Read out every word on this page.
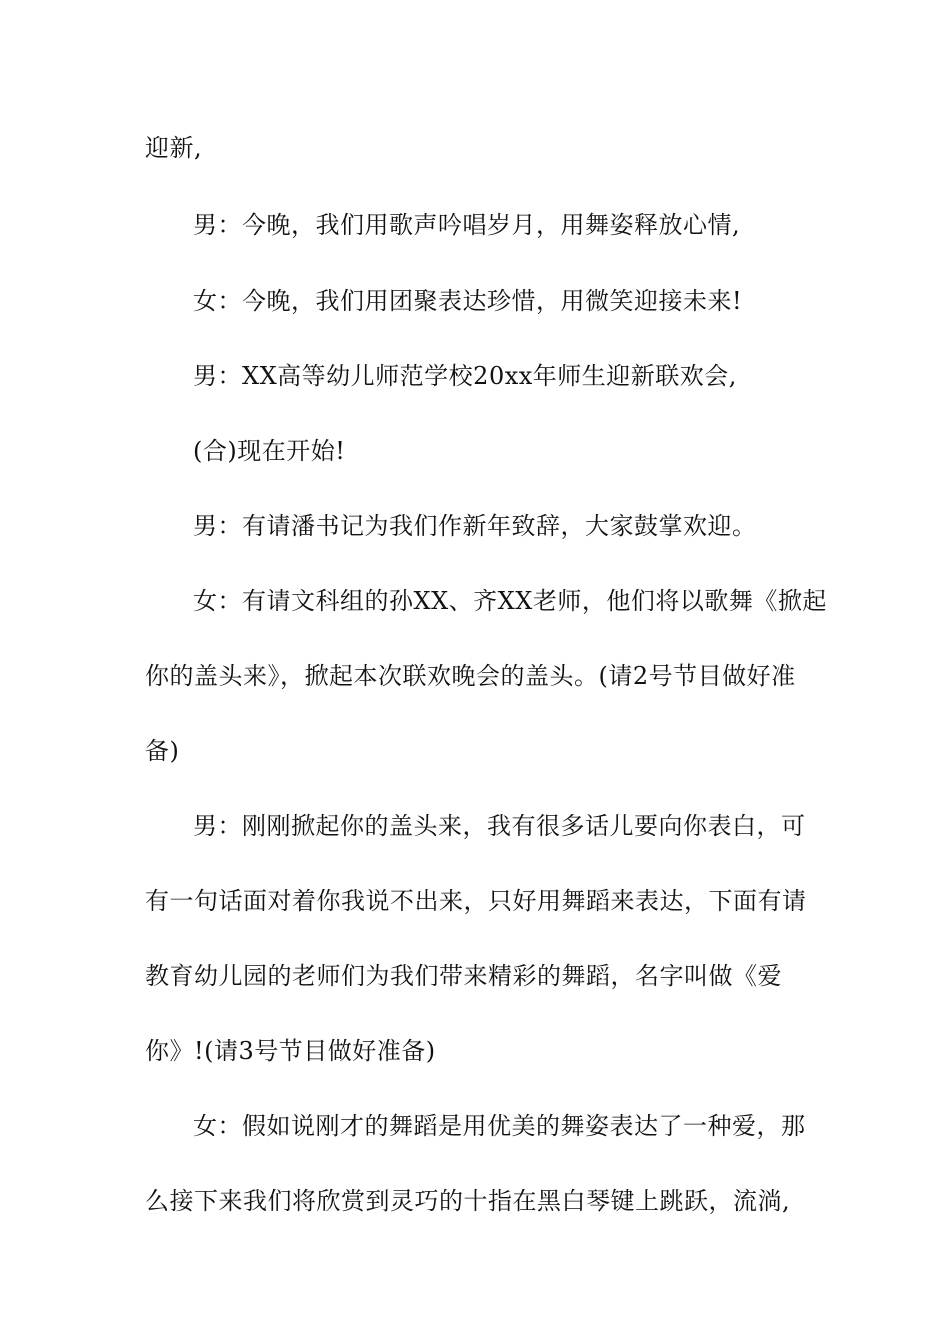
迎新,
男：今晚，我们用歌声吟唱岁月，用舞姿释放心情,
女：今晚，我们用团聚表达珍惜，用微笑迎接未来!
男：XX高等幼儿师范学校20xx年师生迎新联欢会,
(合)现在开始!
男：有请潘书记为我们作新年致辞，大家鼓掌欢迎。
女：有请文科组的孙XX、齐XX老师，他们将以歌舞《掀起
你的盖头来》，掀起本次联欢晚会的盖头。(请2号节目做好准
备)
男：刚刚掀起你的盖头来，我有很多话儿要向你表白，可
有一句话面对着你我说不出来，只好用舞蹈来表达，下面有请
教育幼儿园的老师们为我们带来精彩的舞蹈，名字叫做《爱
你》!(请3号节目做好准备)
女：假如说刚才的舞蹈是用优美的舞姿表达了一种爱，那
么接下来我们将欣赏到灵巧的十指在黑白琴键上跳跃，流淌,
